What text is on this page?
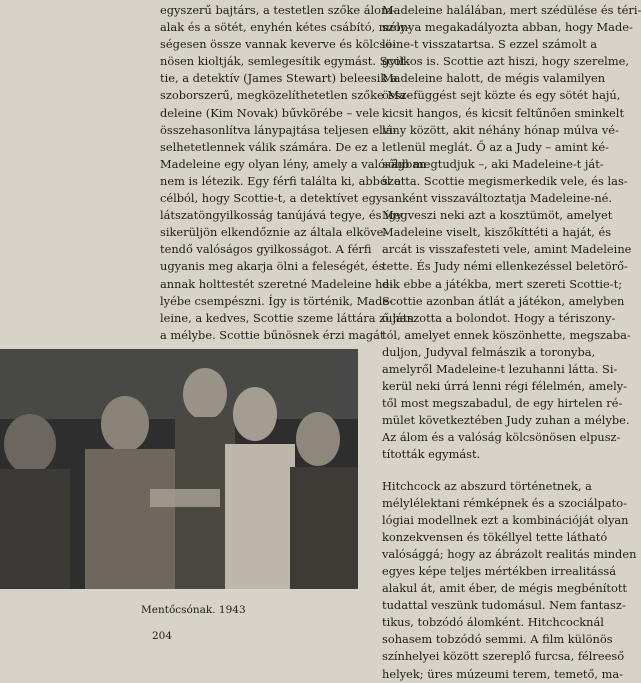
egyszerű bajtárs, a testetlen szőke álom-

alak és a sötét, enyhén kétes csábító, mély-

ségesen össze vannak keverve és kölcsö-

nösen kioltják, semlegesítik egymást. Scot-

tie, a detektív (James Stewart) beleesik a

szoborszerű, megközelíthetetlen szőke Ma-

deleine (Kim Novak) bűvkörébe – vele

összehasonlítva lánypajtása teljesen elvi-

selhetetlennek válik számára. De ez a

Madeleine egy olyan lény, amely a valóságban

nem is létezik. Egy férfi találta ki, abból a

célból, hogy Scottie-t, a detektívet egy

látszatöngyilkosság tanújává tegye, és így

sikerüljön elkendőznie az általa elköve-

tendő valóságos gyilkosságot. A férfi

ugyanis meg akarja ölni a feleségét, és

annak holttestét szeretné Madeleine he-

lyébe csempészni. Így is történik, Made-

leine, a kedves, Scottie szeme láttára zuhan

a mélybe. Scottie bűnösnek érzi magát

Madeleine halálában, mert szédülése és téri-

szonya megakadályozta abban, hogy Made-

leine-t visszatartsa. S ezzel számolt a

gyilkos is. Scottie azt hiszi, hogy szerelme,

Madeleine halott, de mégis valamilyen

összefüggést sejt közte és egy sötét hajú,

kicsit hangos, és kicsit feltűnően sminkelt

lány között, akit néhány hónap múlva vé-

letlenül meglát. Ő az a Judy – amint ké-

sőbb megtudjuk –, aki Madeleine-t ját-

szotta. Scottie megismerkedik vele, és las-

sanként visszaváltoztatja Madeleine-né.

Megveszi neki azt a kosztümöt, amelyet

Madeleine viselt, kiszőkíttéti a haját, és

arcát is visszafesteti vele, amint Madeleine

tette. És Judy némi ellenkezéssel beletörő-

dik ebbe a játékba, mert szereti Scottie-t;

Scottie azonban átlát a játékon, amelyben

ő játszotta a bolondot. Hogy a tériszony-

tól, amelyet ennek köszönhette, megszaba-

duljon, Judyval felmászik a toronyba,

amelyről Madeleine-t lezuhanni látta. Si-

kerül neki úrrá lenni régi félelmén, amely-

től most megszabadul, de egy hirtelen ré-

mület következtében Judy zuhan a mélybe.

Az álom és a valóság kölcsönösen elpusz-

tították egymást.

Hitchcock az abszurd történetnek, a

mélylélektani rémképnek és a szociálpato-

lógiai modellnek ezt a kombinációját olyan

konzekvensen és tökéllyel tette látható

valósággá; hogy az ábrázolt realitás minden

egyes képe teljes mértékben irrealitássá

alakul át, amit éber, de mégis megbénított

tudattal veszünk tudomásul. Nem fantasz-

tikus, tobzódó álomként. Hitchcocknál

sohasem tobzódó semmi. A film különös

színhelyei között szereplő furcsa, félreeső

helyek; üres múzeumi terem, temető, ma-

Mentőcsónak. 1943
204
